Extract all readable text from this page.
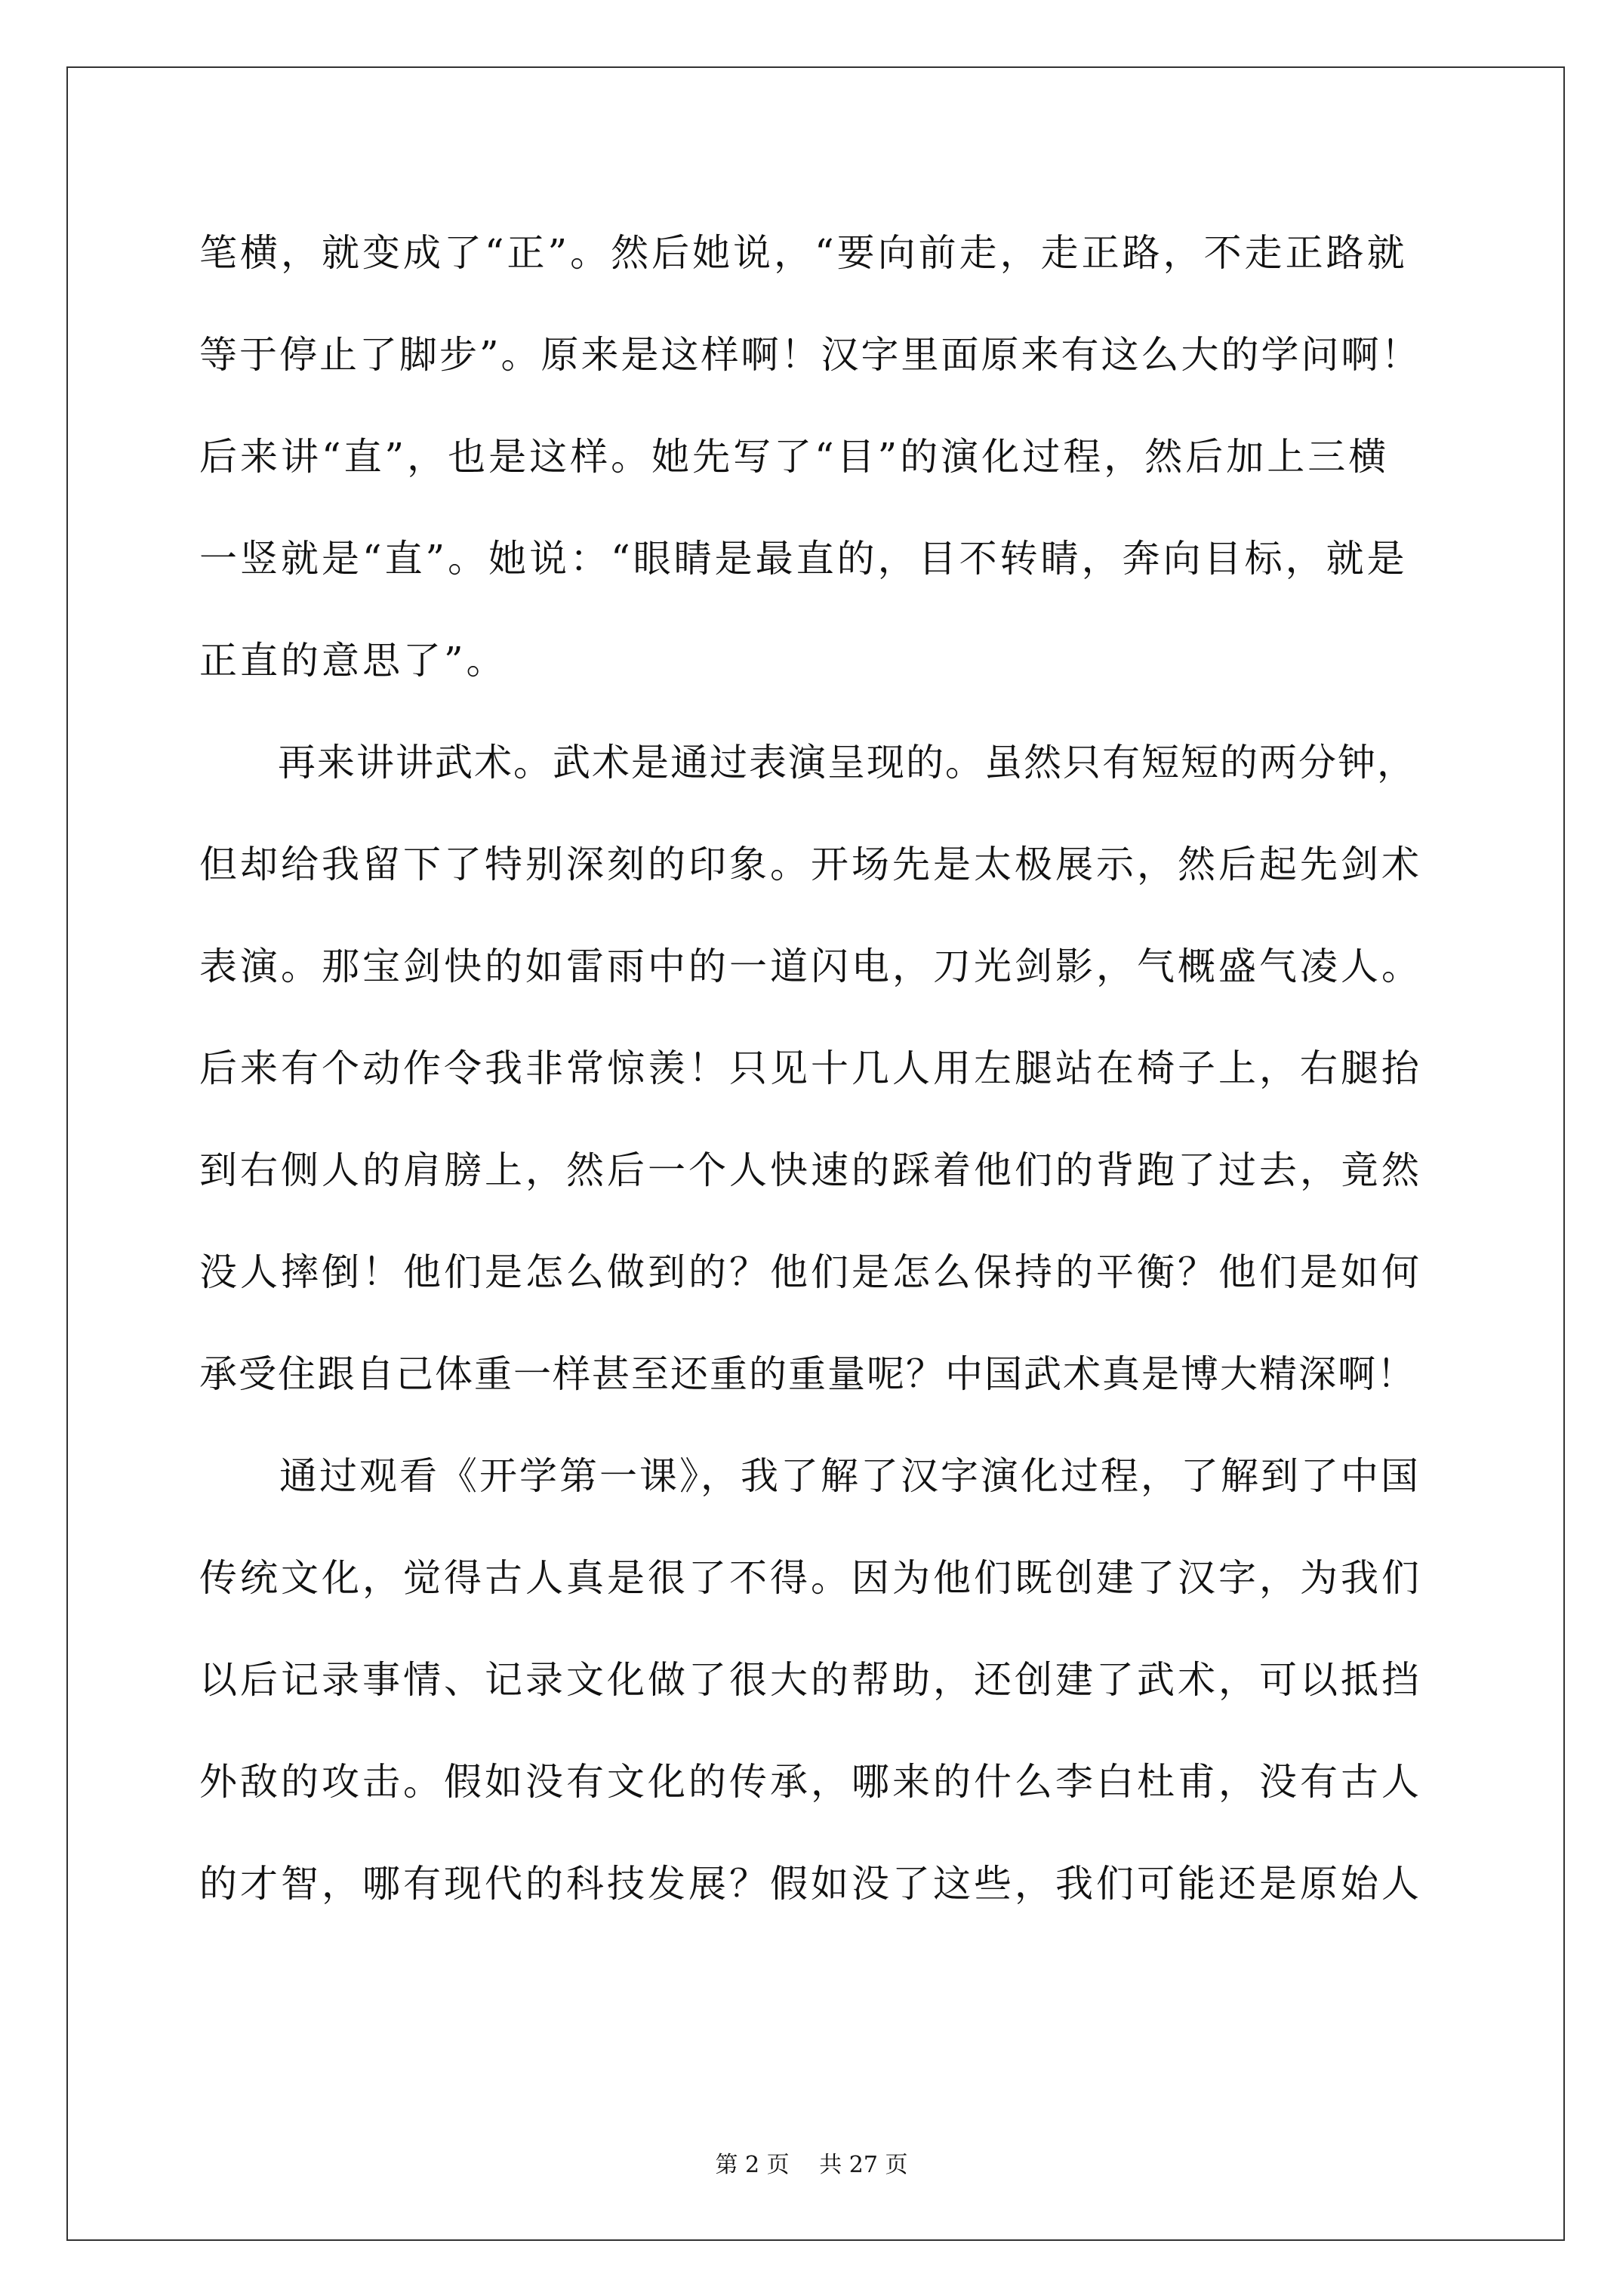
笔横，就变成了“正”。然后她说，“要向前走，走正路，不走正路就
等于停止了脚步”。原来是这样啊！汉字里面原来有这么大的学问啊！
后来讲“直”，也是这样。她先写了“目”的演化过程，然后加上三横
一竖就是“直”。她说：“眼睛是最直的，目不转睛，奔向目标，就是
正直的意思了”。
　　再来讲讲武术。武术是通过表演呈现的。虽然只有短短的两分钟，
但却给我留下了特别深刻的印象。开场先是太极展示，然后起先剑术
表演。那宝剑快的如雷雨中的一道闪电，刀光剑影，气概盛气凌人。
后来有个动作令我非常惊羡！只见十几人用左腿站在椅子上，右腿抬
到右侧人的肩膀上，然后一个人快速的踩着他们的背跑了过去，竟然
没人摔倒！他们是怎么做到的？他们是怎么保持的平衡？他们是如何
承受住跟自己体重一样甚至还重的重量呢？中国武术真是博大精深啊！
　　通过观看《开学第一课》，我了解了汉字演化过程，了解到了中国
传统文化，觉得古人真是很了不得。因为他们既创建了汉字，为我们
以后记录事情、记录文化做了很大的帮助，还创建了武术，可以抵挡
外敌的攻击。假如没有文化的传承，哪来的什么李白杜甫，没有古人
的才智，哪有现代的科技发展？假如没了这些，我们可能还是原始人
第 2 页　 共 27 页
